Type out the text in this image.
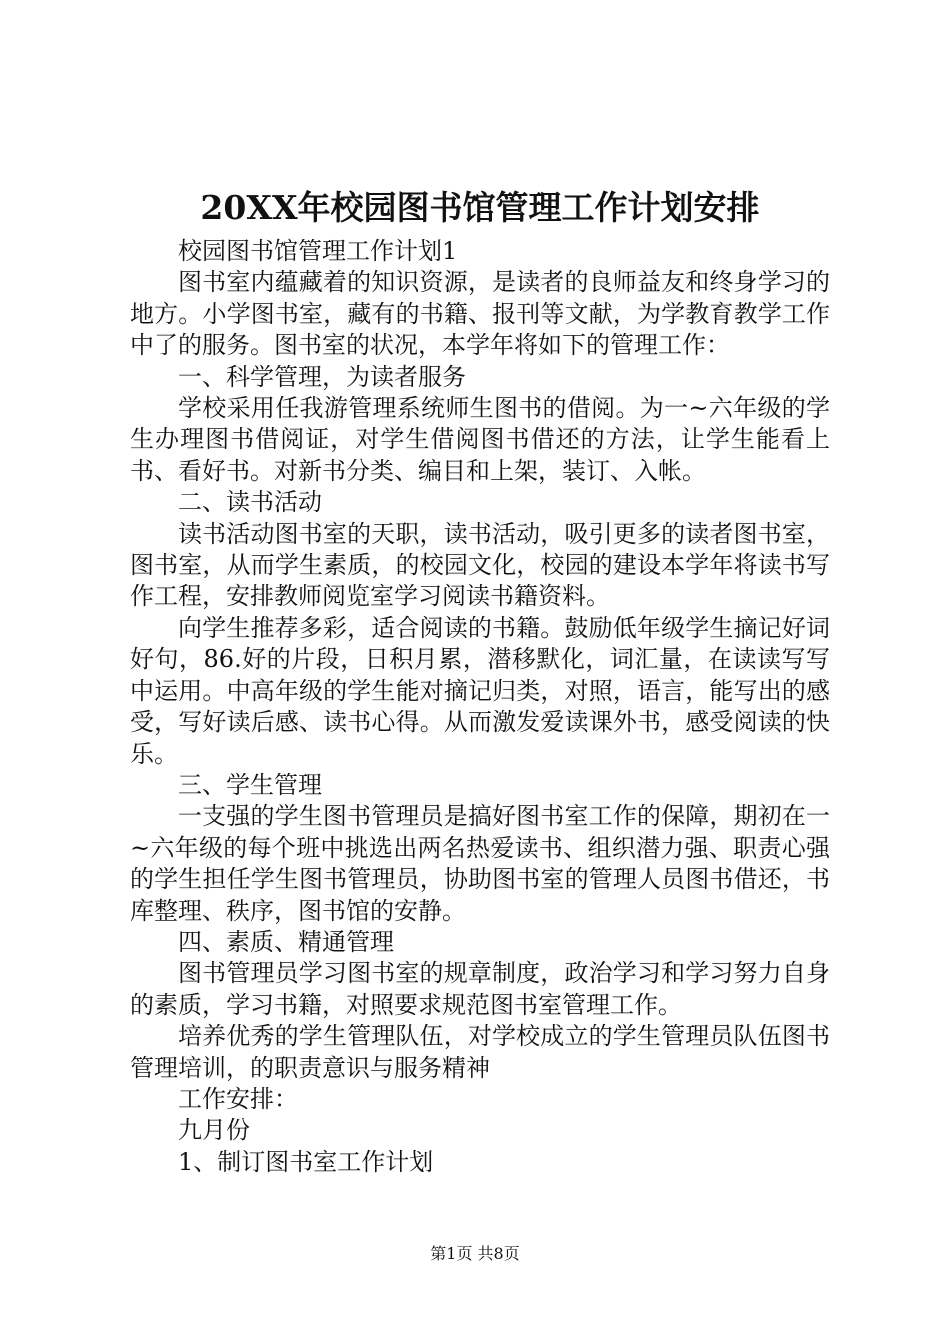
20XX年校园图书馆管理工作计划安排

校园图书馆管理工作计划1

图书室内蕴藏着的知识资源，是读者的良师益友和终身学习的地方。小学图书室，藏有的书籍、报刊等文献，为学教育教学工作中了的服务。图书室的状况，本学年将如下的管理工作：

一、科学管理，为读者服务

学校采用任我游管理系统师生图书的借阅。为一~六年级的学生办理图书借阅证，对学生借阅图书借还的方法，让学生能看上书、看好书。对新书分类、编目和上架，装订、入帐。

二、读书活动

读书活动图书室的天职，读书活动，吸引更多的读者图书室，图书室，从而学生素质，的校园文化，校园的建设本学年将读书写作工程，安排教师阅览室学习阅读书籍资料。

向学生推荐多彩，适合阅读的书籍。鼓励低年级学生摘记好词好句，86.好的片段，日积月累，潜移默化，词汇量，在读读写写中运用。中高年级的学生能对摘记归类，对照，语言，能写出的感受，写好读后感、读书心得。从而激发爱读课外书，感受阅读的快乐。

三、学生管理

一支强的学生图书管理员是搞好图书室工作的保障，期初在一~六年级的每个班中挑选出两名热爱读书、组织潜力强、职责心强的学生担任学生图书管理员，协助图书室的管理人员图书借还，书库整理、秩序，图书馆的安静。

四、素质、精通管理

图书管理员学习图书室的规章制度，政治学习和学习努力自身的素质，学习书籍，对照要求规范图书室管理工作。

培养优秀的学生管理队伍，对学校成立的学生管理员队伍图书管理培训，的职责意识与服务精神

工作安排：

九月份

1、制订图书室工作计划

第1页 共8页
